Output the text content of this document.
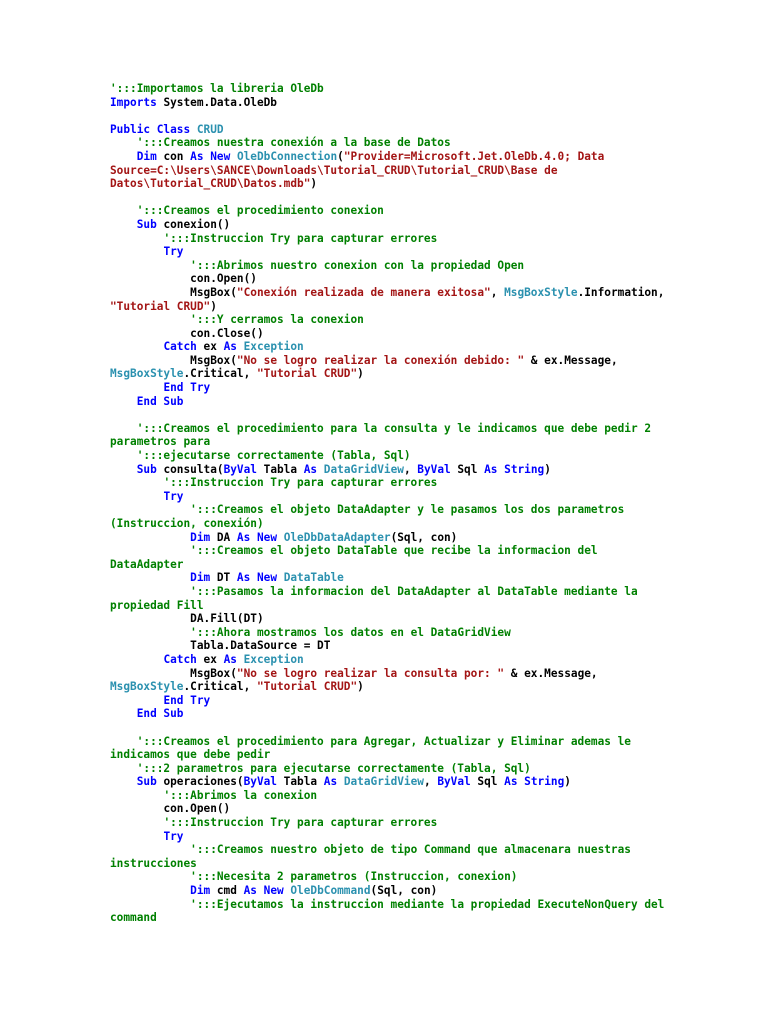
':::Importamos la libreria OleDb
Imports System.Data.OleDb
Public Class CRUD
':::Creamos nuestra conexión a la base de Datos
Dim con As New OleDbConnection("Provider=Microsoft.Jet.OleDb.4.0; Data Source=C:\Users\SANCE\Downloads\Tutorial_CRUD\Tutorial_CRUD\Base de Datos\Tutorial_CRUD\Datos.mdb")
':::Creamos el procedimiento conexion
Sub conexion()
':::Instruccion Try para capturar errores
Try
':::Abrimos nuestro conexion con la propiedad Open
con.Open()
MsgBox("Conexión realizada de manera exitosa", MsgBoxStyle.Information, "Tutorial CRUD")
':::Y cerramos la conexion
con.Close()
Catch ex As Exception
MsgBox("No se logro realizar la conexión debido: " & ex.Message, MsgBoxStyle.Critical, "Tutorial CRUD")
End Try
End Sub
':::Creamos el procedimiento para la consulta y le indicamos que debe pedir 2 parametros para
':::ejecutarse correctamente (Tabla, Sql)
Sub consulta(ByVal Tabla As DataGridView, ByVal Sql As String)
':::Instruccion Try para capturar errores
Try
':::Creamos el objeto DataAdapter y le pasamos los dos parametros (Instruccion, conexión)
Dim DA As New OleDbDataAdapter(Sql, con)
':::Creamos el objeto DataTable que recibe la informacion del DataAdapter
Dim DT As New DataTable
':::Pasamos la informacion del DataAdapter al DataTable mediante la propiedad Fill
DA.Fill(DT)
':::Ahora mostramos los datos en el DataGridView
Tabla.DataSource = DT
Catch ex As Exception
MsgBox("No se logro realizar la consulta por: " & ex.Message, MsgBoxStyle.Critical, "Tutorial CRUD")
End Try
End Sub
':::Creamos el procedimiento para Agregar, Actualizar y Eliminar ademas le indicamos que debe pedir
':::2 parametros para ejecutarse correctamente (Tabla, Sql)
Sub operaciones(ByVal Tabla As DataGridView, ByVal Sql As String)
':::Abrimos la conexion
con.Open()
':::Instruccion Try para capturar errores
Try
':::Creamos nuestro objeto de tipo Command que almacenara nuestras instrucciones
':::Necesita 2 parametros (Instruccion, conexion)
Dim cmd As New OleDbCommand(Sql, con)
':::Ejecutamos la instruccion mediante la propiedad ExecuteNonQuery del command
